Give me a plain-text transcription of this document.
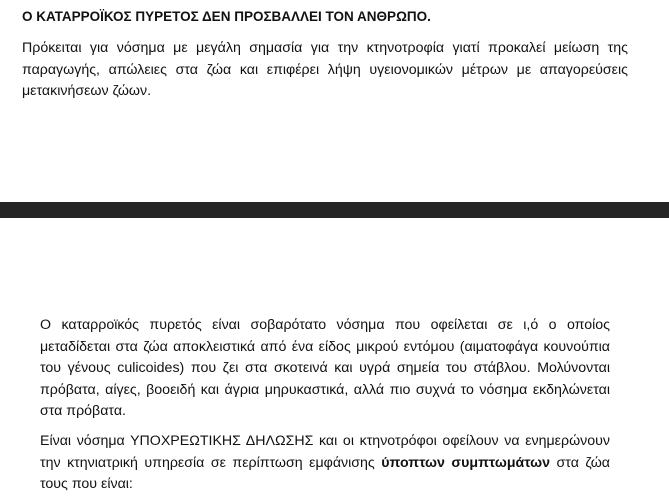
Ο ΚΑΤΑΡΡΟΪΚΟΣ ΠΥΡΕΤΟΣ ΔΕΝ ΠΡΟΣΒΑΛΛΕΙ ΤΟΝ ΑΝΘΡΩΠΟ.
Πρόκειται για νόσημα με μεγάλη σημασία για την κτηνοτροφία γιατί προκαλεί μείωση της παραγωγής, απώλειες στα ζώα και επιφέρει λήψη υγειονομικών μέτρων με απαγορεύσεις μετακινήσεων ζώων.
Ο καταρροϊκός πυρετός είναι σοβαρότατο νόσημα που οφείλεται σε ι,ό ο οποίος μεταδίδεται στα ζώα αποκλειστικά από ένα είδος μικρού εντόμου (αιματοφάγα κουνούπια του γένους culicoides) που ζει στα σκοτεινά και υγρά σημεία του στάβλου. Μολύνονται πρόβατα, αίγες, βοοειδή και άγρια μηρυκαστικά, αλλά πιο συχνά το νόσημα εκδηλώνεται στα πρόβατα.
Είναι νόσημα ΥΠΟΧΡΕΩΤΙΚΗΣ ΔΗΛΩΣΗΣ και οι κτηνοτρόφοι οφείλουν να ενημερώνουν την κτηνιατρική υπηρεσία σε περίπτωση εμφάνισης ύποπτων συμπτωμάτων στα ζώα τους που είναι:
